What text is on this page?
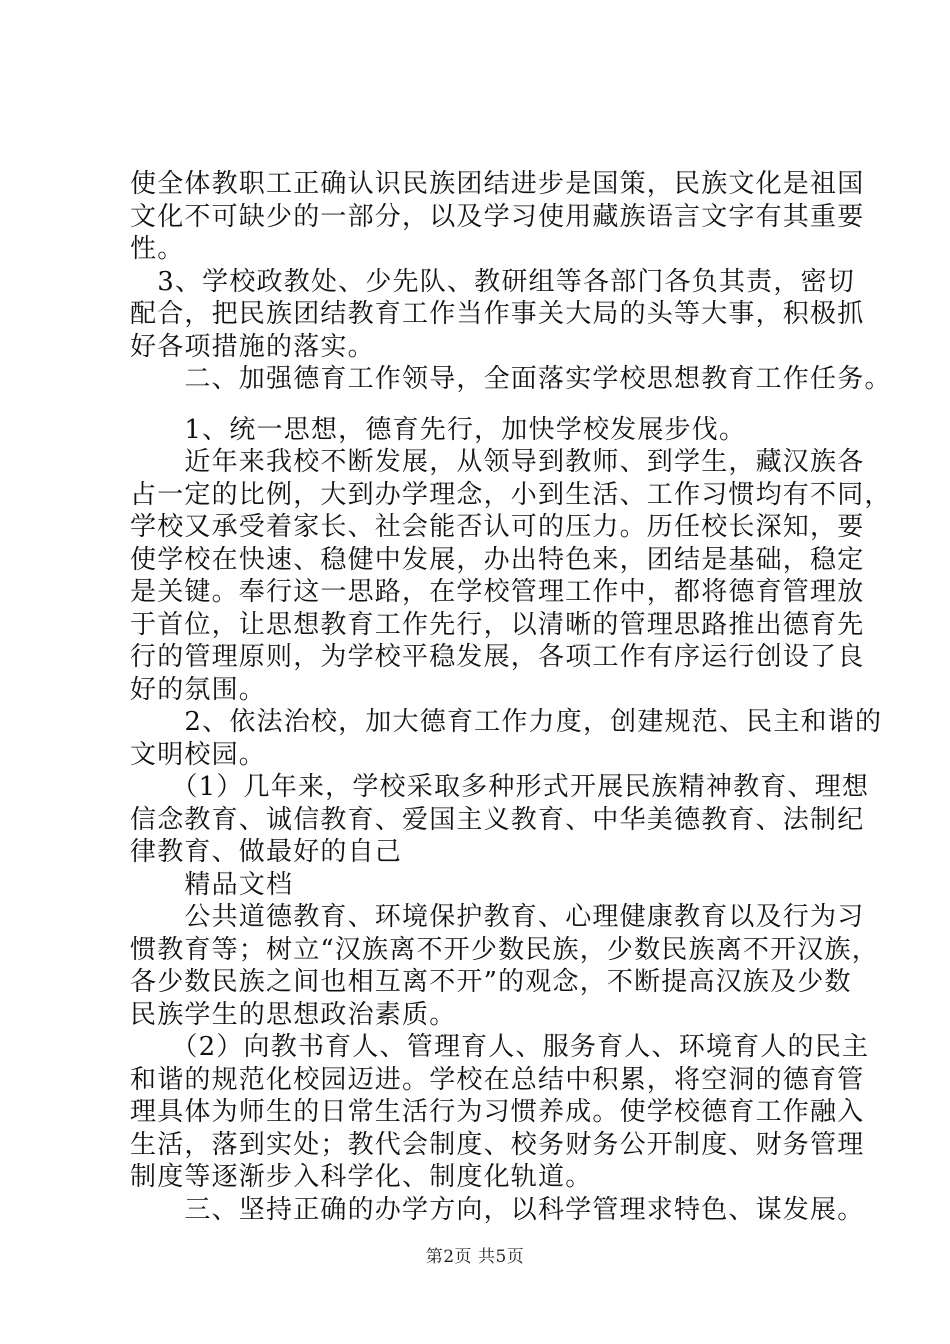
使全体教职工正确认识民族团结进步是国策，民族文化是祖国
文化不可缺少的一部分，以及学习使用藏族语言文字有其重要
性。
　3、学校政教处、少先队、教研组等各部门各负其责，密切
配合，把民族团结教育工作当作事关大局的头等大事，积极抓
好各项措施的落实。
　　二、加强德育工作领导，全面落实学校思想教育工作任务。
　　1、统一思想，德育先行，加快学校发展步伐。
　　近年来我校不断发展，从领导到教师、到学生，藏汉族各
占一定的比例，大到办学理念，小到生活、工作习惯均有不同，
学校又承受着家长、社会能否认可的压力。历任校长深知，要
使学校在快速、稳健中发展，办出特色来，团结是基础，稳定
是关键。奉行这一思路，在学校管理工作中，都将德育管理放
于首位，让思想教育工作先行，以清晰的管理思路推出德育先
行的管理原则，为学校平稳发展，各项工作有序运行创设了良
好的氛围。
　　2、依法治校，加大德育工作力度，创建规范、民主和谐的
文明校园。
　　（1）几年来，学校采取多种形式开展民族精神教育、理想
信念教育、诚信教育、爱国主义教育、中华美德教育、法制纪
律教育、做最好的自己
　　精品文档
　　公共道德教育、环境保护教育、心理健康教育以及行为习
惯教育等；树立“汉族离不开少数民族，少数民族离不开汉族，
各少数民族之间也相互离不开”的观念，不断提高汉族及少数
民族学生的思想政治素质。
　　（2）向教书育人、管理育人、服务育人、环境育人的民主
和谐的规范化校园迈进。学校在总结中积累，将空洞的德育管
理具体为师生的日常生活行为习惯养成。使学校德育工作融入
生活，落到实处；教代会制度、校务财务公开制度、财务管理
制度等逐渐步入科学化、制度化轨道。
　　三、坚持正确的办学方向，以科学管理求特色、谋发展。
第2页 共5页
